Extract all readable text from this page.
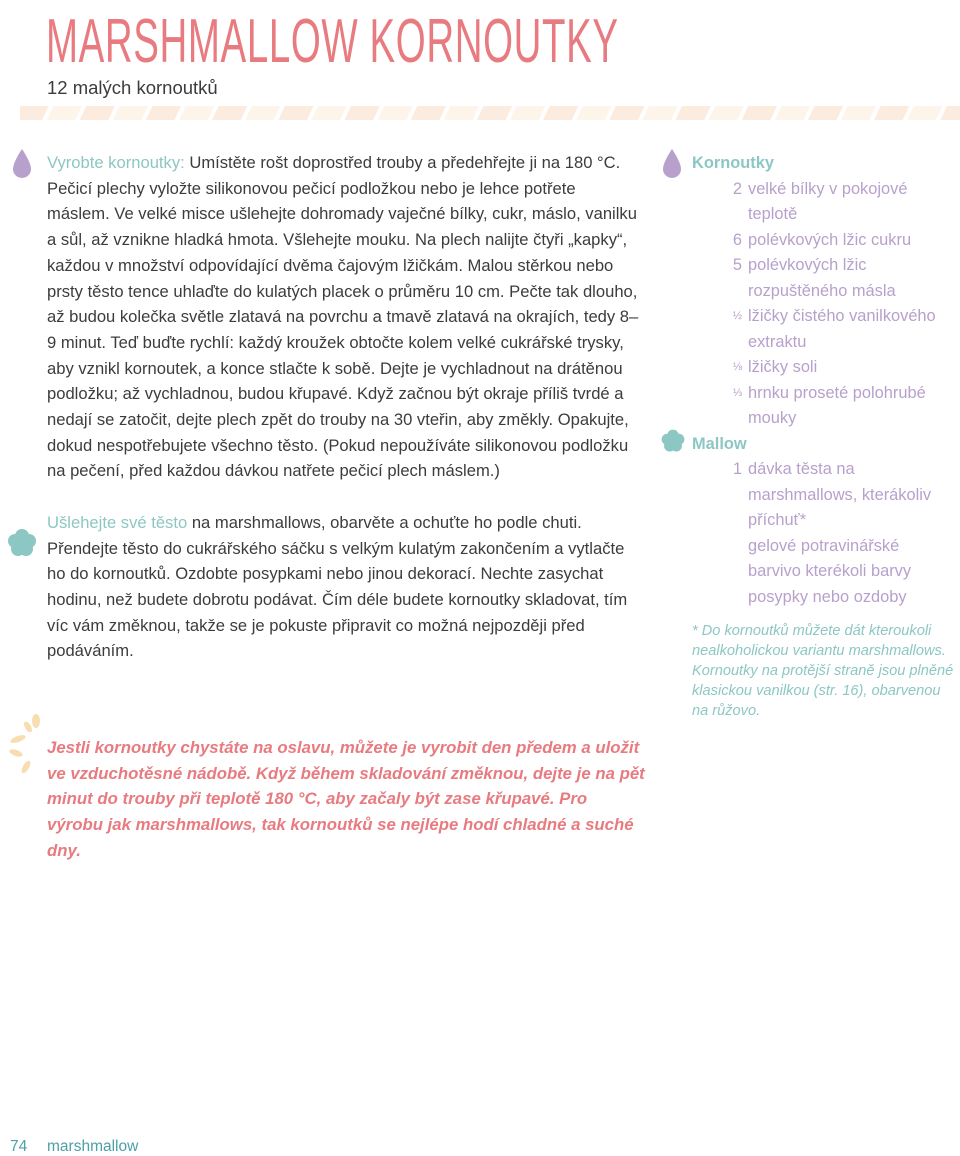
MARSHMALLOW KORNOUTKY

12 malých kornoutků

Vyrobte kornoutky: Umístěte rošt doprostřed trouby a předehřejte ji na 180 °C. Pečicí plechy vyložte silikonovou pečicí podložkou nebo je lehce potřete máslem. Ve velké misce ušlehejte dohromady vaječné bílky, cukr, máslo, vanilku a sůl, až vznikne hladká hmota. Všlehejte mouku. Na plech nalijte čtyři „kapky“, každou v množství odpovídající dvěma čajovým lžičkám. Malou stěrkou nebo prsty těsto tence uhlaďte do kulatých placek o průměru 10 cm. Pečte tak dlouho, až budou kolečka světle zlatavá na povrchu a tmavě zlatavá na okrajích, tedy 8–9 minut. Teď buďte rychlí: každý kroužek obtočte kolem velké cukrářské trysky, aby vznikl kornoutek, a konce stlačte k sobě. Dejte je vychladnout na drátěnou podložku; až vychladnou, budou křupavé. Když začnou být okraje příliš tvrdé a nedají se zatočit, dejte plech zpět do trouby na 30 vteřin, aby změkly. Opakujte, dokud nespotřebujete všechno těsto. (Pokud nepoužíváte silikonovou podložku na pečení, před každou dávkou natřete pečicí plech máslem.)

Ušlehejte své těsto na marshmallows, obarvěte a ochuťte ho podle chuti. Přendejte těsto do cukrářského sáčku s velkým kulatým zakončením a vytlačte ho do kornoutků. Ozdobte posypkami nebo jinou dekorací. Nechte zasychat hodinu, než budete dobrotu podávat. Čím déle budete kornoutky skladovat, tím víc vám změknou, takže se je pokuste připravit co možná nejpozději před podáváním.

Jestli kornoutky chystáte na oslavu, můžete je vyrobit den předem a uložit ve vzduchotěsné nádobě. Když během skladování změknou, dejte je na pět minut do trouby při teplotě 180 °C, aby začaly být zase křupavé. Pro výrobu jak marshmallows, tak kornoutků se nejlépe hodí chladné a suché dny.

Kornoutky
2 velké bílky v pokojové teplotě
6 polévkových lžic cukru
5 polévkových lžic rozpuštěného másla
½ lžičky čistého vanilkového extraktu
⅛ lžičky soli
⅓ hrnku proseté polohrubé mouky
Mallow
1 dávka těsta na marshmallows, kterákoliv příchuť*
gelové potravinářské barvivo kterékoli barvy
posypky nebo ozdoby

* Do kornoutků můžete dát kteroukoli nealkoholickou variantu marshmallows. Kornoutky na protější straně jsou plněné klasickou vanilkou (str. 16), obarvenou na růžovo.

74 marshmallow
